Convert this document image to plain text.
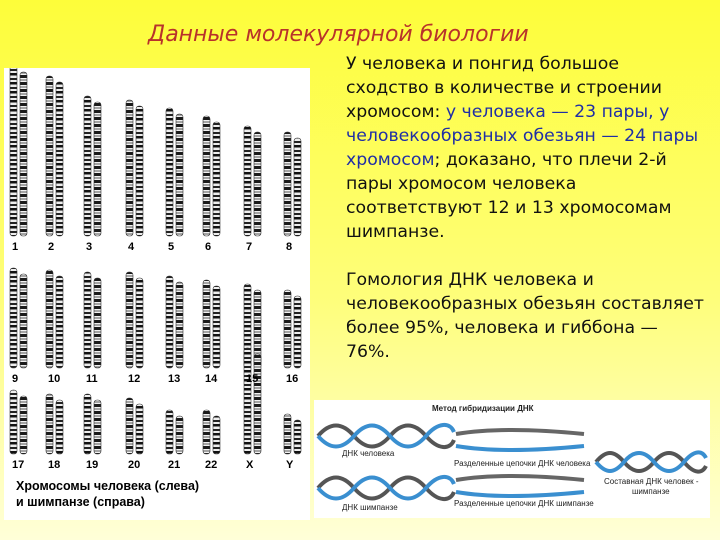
Данные молекулярной биологии
1	2	3	4	5	6	7	8
9	10 11	12	13 14	15	16
17 18 19	20	21 22	X	Y
Хромосомы человека (слева)
и шимпанзе (справа)

У человека и понгид большое сходство в количестве и строении хромосом: у человека — 23 пары, у человекообразных обезьян — 24 пары хромосом; доказано, что плечи 2-й пары хромосом человека соответствуют 12 и 13 хромосомам шимпанзе.

Гомология ДНК человека и человекообразных обезьян составляет более 95%, человека и гиббона — 76%.

Метод гибридизации ДНК
ДНК человека
ДНК шимпанзе
Разделенные цепочки ДНК человека
Разделенные цепочки ДНК шимпанзе
Составная ДНК человек -
шимпанзе
